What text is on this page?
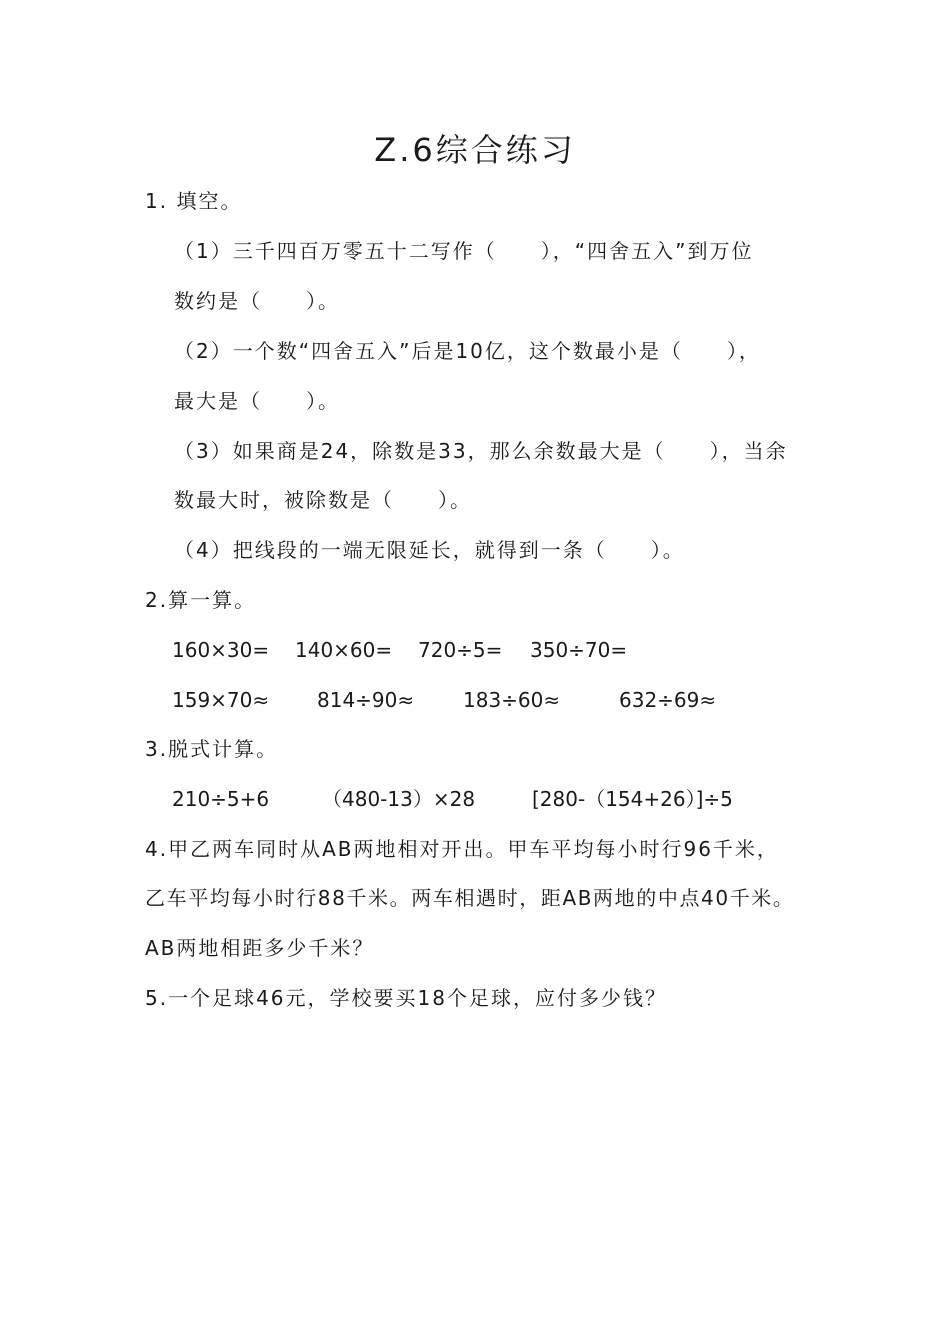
Z.6综合练习
1. 填空。
（1）三千四百万零五十二写作（　　），“四舍五入”到万位
数约是（　　）。
（2）一个数“四舍五入”后是10亿，这个数最小是（　　），
最大是（　　）。
（3）如果商是24，除数是33，那么余数最大是（　　），当余
数最大时，被除数是（　　）。
（4）把线段的一端无限延长，就得到一条（　　）。
2.算一算。
160×30= 140×60= 720÷5= 350÷70=
159×70≈ 814÷90≈ 183÷60≈	632÷69≈
3.脱式计算。
210÷5+6	（480-13）×28	[280-（154+26）]÷5
4.甲乙两车同时从AB两地相对开出。甲车平均每小时行96千米，
乙车平均每小时行88千米。两车相遇时，距AB两地的中点40千米。
AB两地相距多少千米？
5.一个足球46元，学校要买18个足球，应付多少钱？
